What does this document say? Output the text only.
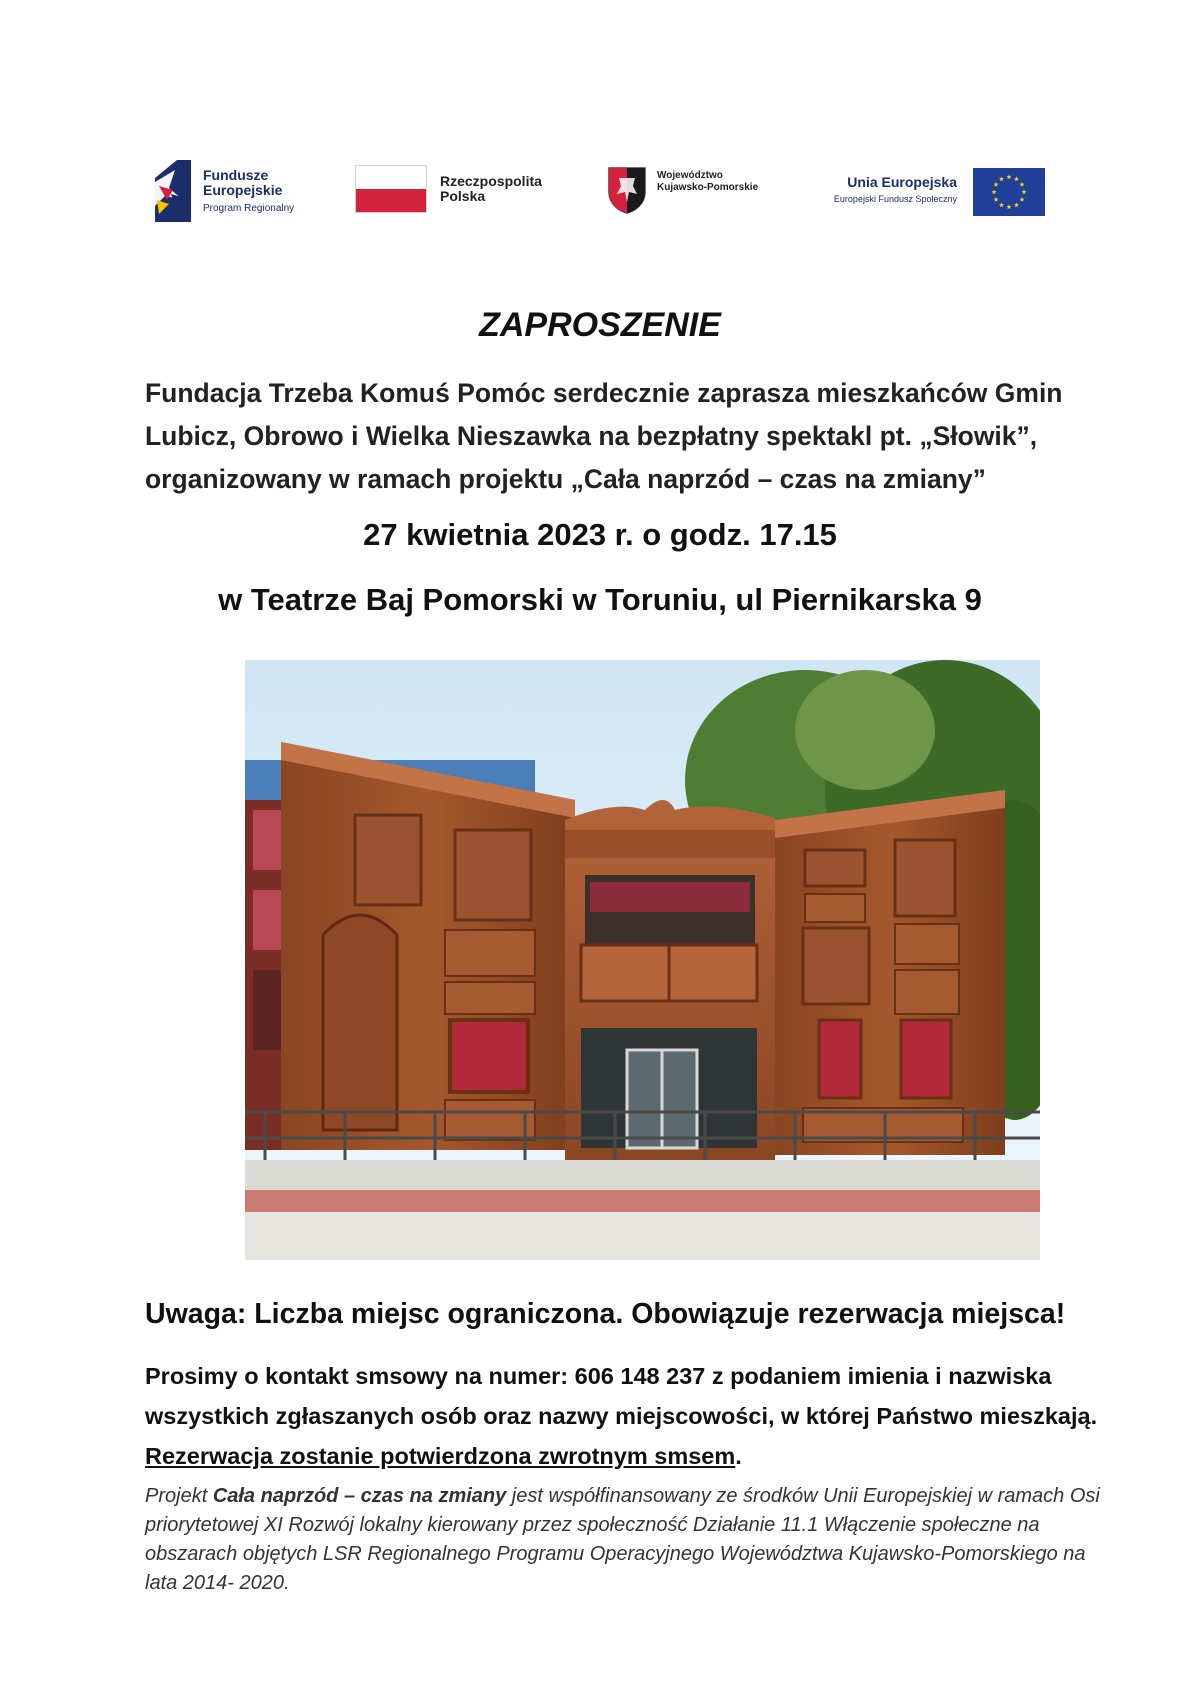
Fundusze
Europejskie
Program Regionalny
Rzeczpospolita
Polska
Województwo
Kujawsko-Pomorskie	Unia Europejska
Europejski Fundusz Społeczny
ZAPROSZENIE
Fundacja Trzeba Komuś Pomóc serdecznie zaprasza mieszkańców Gmin Lubicz, Obrowo i Wielka Nieszawka na bezpłatny spektakl pt. „Słowik”, organizowany w ramach projektu „Cała naprzód – czas na zmiany”
27 kwietnia 2023 r. o godz. 17.15
w Teatrze Baj Pomorski w Toruniu, ul Piernikarska 9
Uwaga: Liczba miejsc ograniczona. Obowiązuje rezerwacja miejsca!
Prosimy o kontakt smsowy na numer: 606 148 237 z podaniem imienia i nazwiska wszystkich zgłaszanych osób oraz nazwy miejscowości, w której Państwo mieszkają. Rezerwacja zostanie potwierdzona zwrotnym smsem.
Projekt Cała naprzód – czas na zmiany jest współfinansowany ze środków Unii Europejskiej w ramach Osi priorytetowej XI Rozwój lokalny kierowany przez społeczność Działanie 11.1 Włączenie społeczne na obszarach objętych LSR Regionalnego Programu Operacyjnego Województwa Kujawsko-Pomorskiego na lata 2014- 2020.
